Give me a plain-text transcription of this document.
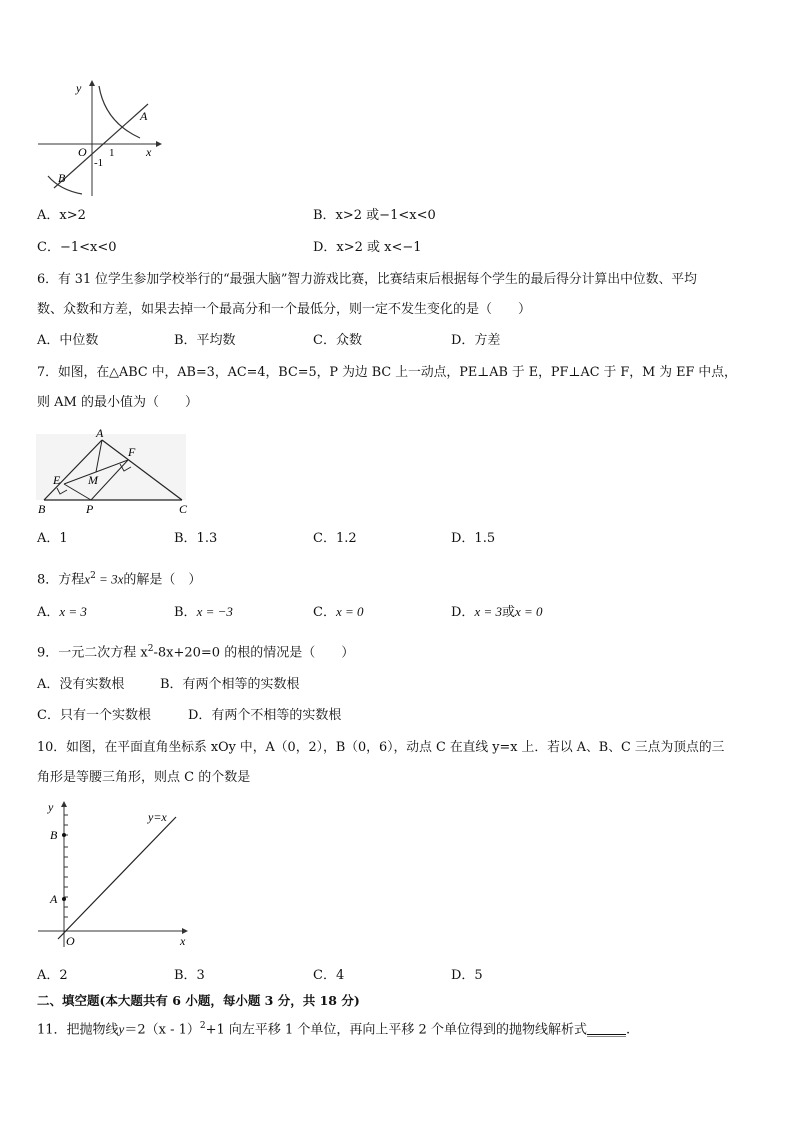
y
x
O 1
-1
A
B
A．x>2	B．x>2 或−1<x<0
C．−1<x<0	D．x>2 或 x<−1
6．有 31 位学生参加学校举行的“最强大脑”智力游戏比赛，比赛结束后根据每个学生的最后得分计算出中位数、平均
数、众数和方差，如果去掉一个最高分和一个最低分，则一定不发生变化的是（　　）
A．中位数	B．平均数	C．众数	D．方差
7．如图，在△ABC 中，AB=3，AC=4，BC=5，P 为边 BC 上一动点，PE⊥AB 于 E，PF⊥AC 于 F，M 为 EF 中点，
则 AM 的最小值为（　　）
A
B	C
E
F
M
P
A．1	B．1.3	C．1.2	D．1.5
8．方程$x^2 = 3x$的解是（　）
A．x = 3	B．x = −3	C．x = 0	D．x = 3或x = 0
9．一元二次方程 $x^2-8x+20=0$ 的根的情况是（　　）
A．没有实数根	B．有两个相等的实数根
C．只有一个实数根	D．有两个不相等的实数根
10．如图，在平面直角坐标系 xOy 中，A（0，2），B（0，6），动点 C 在直线 y=x 上．若以 A、B、C 三点为顶点的三
角形是等腰三角形，则点 C 的个数是
y
x
O
A
B
y=x
A．2	B．3	C．4	D．5
二、填空题(本大题共有 6 小题，每小题 3 分，共 18 分)
11．把抛物线y＝2（x - 1）$^2$+1 向左平移 1 个单位，再向上平移 2 个单位得到的抛物线解析式______.
